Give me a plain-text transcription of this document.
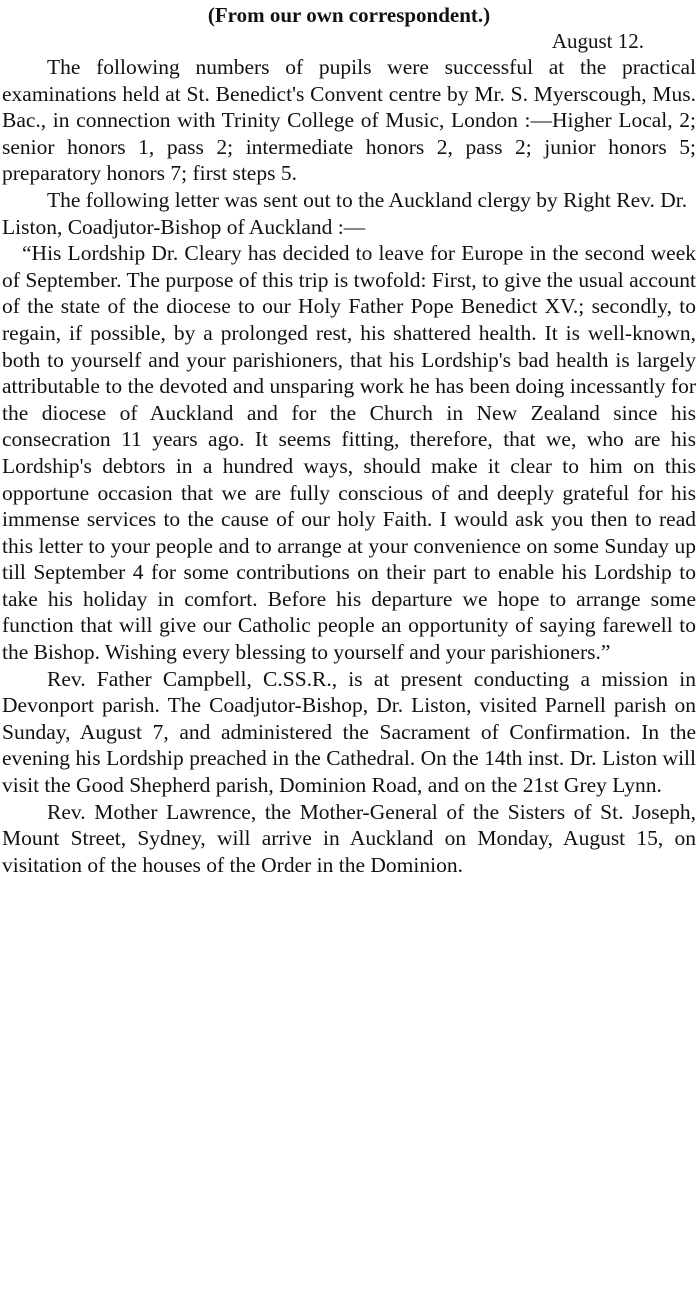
(From our own correspondent.)

August 12.

The following numbers of pupils were successful at the practical examinations held at St. Benedict's Convent centre by Mr. S. Myerscough, Mus. Bac., in connection with Trinity College of Music, London :—Higher Local, 2; senior honors 1, pass 2; intermediate honors 2, pass 2; junior honors 5; preparatory honors 7; first steps 5.

The following letter was sent out to the Auckland clergy by Right Rev. Dr. Liston, Coadjutor-Bishop of Auckland :—

“His Lordship Dr. Cleary has decided to leave for Europe in the second week of September. The purpose of this trip is twofold: First, to give the usual account of the state of the diocese to our Holy Father Pope Benedict XV.; secondly, to regain, if possible, by a prolonged rest, his shattered health. It is well-known, both to yourself and your parishioners, that his Lordship's bad health is largely attributable to the devoted and unsparing work he has been doing incessantly for the diocese of Auckland and for the Church in New Zealand since his consecration 11 years ago. It seems fitting, therefore, that we, who are his Lordship's debtors in a hundred ways, should make it clear to him on this opportune occasion that we are fully conscious of and deeply grateful for his immense services to the cause of our holy Faith. I would ask you then to read this letter to your people and to arrange at your convenience on some Sunday up till September 4 for some contributions on their part to enable his Lordship to take his holiday in comfort. Before his departure we hope to arrange some function that will give our Catholic people an opportunity of saying farewell to the Bishop. Wishing every blessing to yourself and your parishioners.”

Rev. Father Campbell, C.SS.R., is at present conducting a mission in Devonport parish. The Coadjutor-Bishop, Dr. Liston, visited Parnell parish on Sunday, August 7, and administered the Sacrament of Confirmation. In the evening his Lordship preached in the Cathedral. On the 14th inst. Dr. Liston will visit the Good Shepherd parish, Dominion Road, and on the 21st Grey Lynn.

Rev. Mother Lawrence, the Mother-General of the Sisters of St. Joseph, Mount Street, Sydney, will arrive in Auckland on Monday, August 15, on visitation of the houses of the Order in the Dominion.
